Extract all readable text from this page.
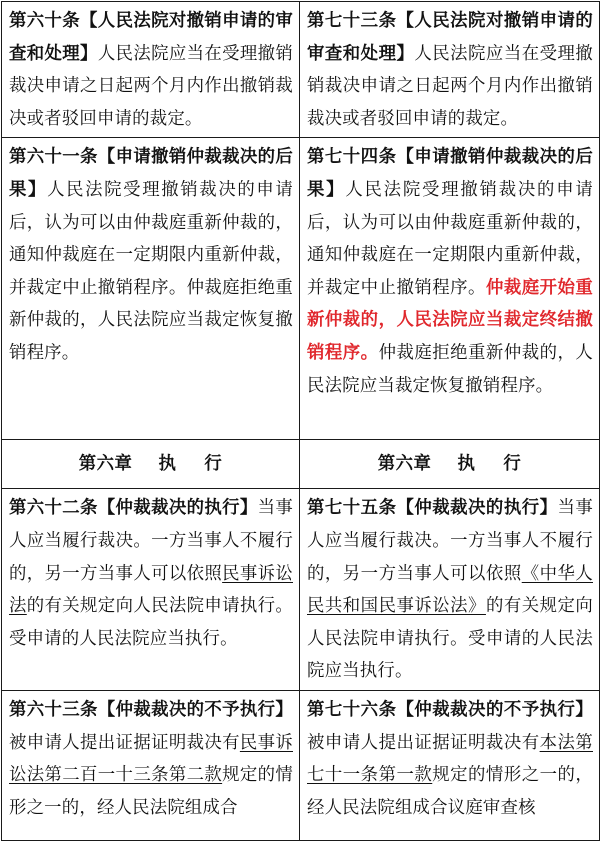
第六十条【人民法院对撤销申请的审查和处理】人民法院应当在受理撤销裁决申请之日起两个月内作出撤销裁决或者驳回申请的裁定。	第七十三条【人民法院对撤销申请的审查和处理】人民法院应当在受理撤销裁决申请之日起两个月内作出撤销裁决或者驳回申请的裁定。
第六十一条【申请撤销仲裁裁决的后果】人民法院受理撤销裁决的申请后，认为可以由仲裁庭重新仲裁的，通知仲裁庭在一定期限内重新仲裁，并裁定中止撤销程序。仲裁庭拒绝重新仲裁的，人民法院应当裁定恢复撤销程序。	第七十四条【申请撤销仲裁裁决的后果】人民法院受理撤销裁决的申请后，认为可以由仲裁庭重新仲裁的，通知仲裁庭在一定期限内重新仲裁，并裁定中止撤销程序。仲裁庭开始重新仲裁的，人民法院应当裁定终结撤销程序。仲裁庭拒绝重新仲裁的，人民法院应当裁定恢复撤销程序。
第六章 执 行	第六章 执 行
第六十二条【仲裁裁决的执行】当事人应当履行裁决。一方当事人不履行的，另一方当事人可以依照民事诉讼法的有关规定向人民法院申请执行。受申请的人民法院应当执行。	第七十五条【仲裁裁决的执行】当事人应当履行裁决。一方当事人不履行的，另一方当事人可以依照《中华人民共和国民事诉讼法》的有关规定向人民法院申请执行。受申请的人民法院应当执行。
第六十三条【仲裁裁决的不予执行】被申请人提出证据证明裁决有民事诉讼法第二百一十三条第二款规定的情形之一的，经人民法院组成合	第七十六条【仲裁裁决的不予执行】被申请人提出证据证明裁决有本法第七十一条第一款规定的情形之一的，经人民法院组成合议庭审查核
